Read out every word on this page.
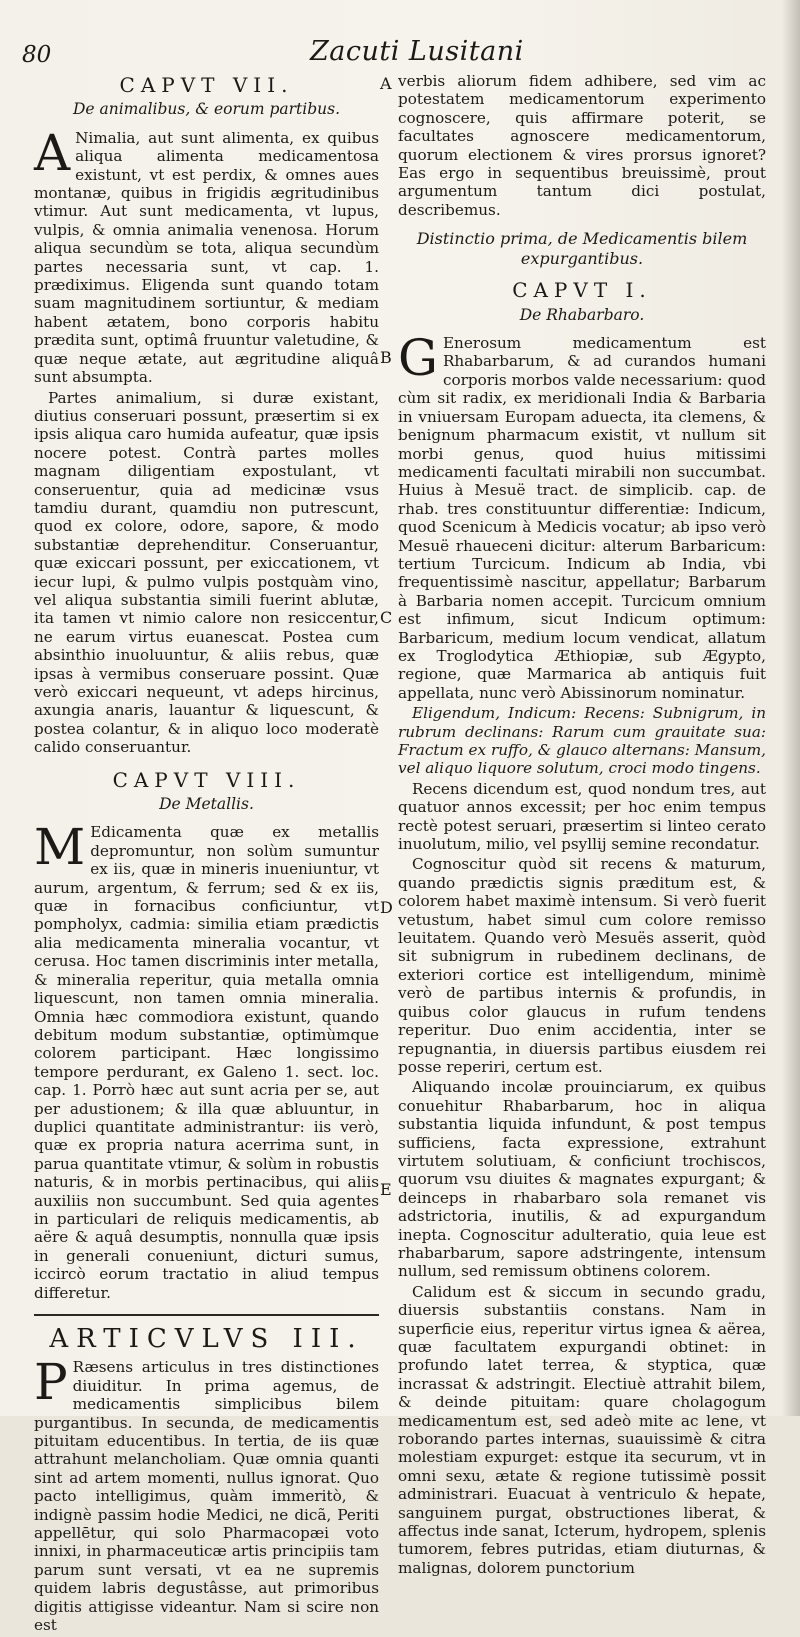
80	Zacuti Lusitani
A
B
C
D
E
CAPVT VII.
De animalibus, & eorum partibus.

A Nimalia, aut sunt alimenta, ex quibus aliqua alimenta medicamentosa existunt, vt est perdix, & omnes aues montanæ, quibus in frigidis ægritudinibus vtimur. Aut sunt medicamenta, vt lupus, vulpis, & omnia animalia venenosa. Horum aliqua secundùm se tota, aliqua secundùm partes necessaria sunt, vt cap. 1. prædiximus. Eligenda sunt quando totam suam magnitudinem sortiuntur, & mediam habent ætatem, bono corporis habitu prædita sunt, optimâ fruuntur valetudine, & quæ neque ætate, aut ægritudine aliquâ sunt absumpta.

Partes animalium, si duræ existant, diutius conseruari possunt, præsertim si ex ipsis aliqua caro humida aufeatur, quæ ipsis nocere potest. Contrà partes molles magnam diligentiam expostulant, vt conseruentur, quia ad medicinæ vsus tamdiu durant, quamdiu non putrescunt, quod ex colore, odore, sapore, & modo substantiæ deprehenditur. Conseruantur, quæ exiccari possunt, per exiccationem, vt iecur lupi, & pulmo vulpis postquàm vino, vel aliqua substantia simili fuerint ablutæ, ita tamen vt nimio calore non resiccentur, ne earum virtus euanescat. Postea cum absinthio inuoluuntur, & aliis rebus, quæ ipsas à vermibus conseruare possint. Quæ verò exiccari nequeunt, vt adeps hircinus, axungia anaris, lauantur & liquescunt, & postea colantur, & in aliquo loco moderatè calido conseruantur.

CAPVT VIII.
De Metallis.

M Edicamenta quæ ex metallis depromuntur, non solùm sumuntur ex iis, quæ in mineris inueniuntur, vt aurum, argentum, & ferrum; sed & ex iis, quæ in fornacibus conficiuntur, vt pompholyx, cadmia: similia etiam prædictis alia medicamenta mineralia vocantur, vt cerusa. Hoc tamen discriminis inter metalla, & mineralia reperitur, quia metalla omnia liquescunt, non tamen omnia mineralia. Omnia hæc commodiora existunt, quando debitum modum substantiæ, optimùmque colorem participant. Hæc longissimo tempore perdurant, ex Galeno 1. sect. loc. cap. 1. Porrò hæc aut sunt acria per se, aut per adustionem; & illa quæ abluuntur, in duplici quantitate administrantur: iis verò, quæ ex propria natura acerrima sunt, in parua quantitate vtimur, & solùm in robustis naturis, & in morbis pertinacibus, qui aliis auxiliis non succumbunt. Sed quia agentes in particulari de reliquis medicamentis, ab aëre & aquâ desumptis, nonnulla quæ ipsis in generali conueniunt, dicturi sumus, iccircò eorum tractatio in aliud tempus differetur.

ARTICVLVS III.

P Ræsens articulus in tres distinctiones diuiditur. In prima agemus, de medicamentis simplicibus bilem purgantibus. In secunda, de medicamentis pituitam educentibus. In tertia, de iis quæ attrahunt melancholiam. Quæ omnia quanti sint ad artem momenti, nullus ignorat. Quo pacto intelligimus, quàm immeritò, & indignè passim hodie Medici, ne dicã, Periti appellētur, qui solo Pharmacopæi voto innixi, in pharmaceuticæ artis principiis tam parum sunt versati, vt ea ne supremis quidem labris degustâsse, aut primoribus digitis attigisse videantur. Nam si scire non est

verbis aliorum fidem adhibere, sed vim ac potestatem medicamentorum experimento cognoscere, quis affirmare poterit, se facultates agnoscere medicamentorum, quorum electionem & vires prorsus ignoret? Eas ergo in sequentibus breuissimè, prout argumentum tantum dici postulat, describemus.

Distinctio prima, de Medicamentis bilem expurgantibus.
CAPVT I.
De Rhabarbaro.

G Enerosum medicamentum est Rhabarbarum, & ad curandos humani corporis morbos valde necessarium: quod cùm sit radix, ex meridionali India & Barbaria in vniuersam Europam aduecta, ita clemens, & benignum pharmacum existit, vt nullum sit morbi genus, quod huius mitissimi medicamenti facultati mirabili non succumbat. Huius à Mesuë tract. de simplicib. cap. de rhab. tres constituuntur differentiæ: Indicum, quod Scenicum à Medicis vocatur; ab ipso verò Mesuë rhaueceni dicitur: alterum Barbaricum: tertium Turcicum. Indicum ab India, vbi frequentissimè nascitur, appellatur; Barbarum à Barbaria nomen accepit. Turcicum omnium est infimum, sicut Indicum optimum: Barbaricum, medium locum vendicat, allatum ex Troglodytica Æthiopiæ, sub Ægypto, regione, quæ Marmarica ab antiquis fuit appellata, nunc verò Abissinorum nominatur.

Eligendum, Indicum: Recens: Subnigrum, in rubrum declinans: Rarum cum grauitate sua: Fractum ex ruffo, & glauco alternans: Mansum, vel aliquo liquore solutum, croci modo tingens.

Recens dicendum est, quod nondum tres, aut quatuor annos excessit; per hoc enim tempus rectè potest seruari, præsertim si linteo cerato inuolutum, milio, vel psyllij semine recondatur.

Cognoscitur quòd sit recens & maturum, quando prædictis signis præditum est, & colorem habet maximè intensum. Si verò fuerit vetustum, habet simul cum colore remisso leuitatem. Quando verò Mesuës asserit, quòd sit subnigrum in rubedinem declinans, de exteriori cortice est intelligendum, minimè verò de partibus internis & profundis, in quibus color glaucus in rufum tendens reperitur. Duo enim accidentia, inter se repugnantia, in diuersis partibus eiusdem rei posse reperiri, certum est.

Aliquando incolæ prouinciarum, ex quibus conuehitur Rhabarbarum, hoc in aliqua substantia liquida infundunt, & post tempus sufficiens, facta expressione, extrahunt virtutem solutiuam, & conficiunt trochiscos, quorum vsu diuites & magnates expurgant; & deinceps in rhabarbaro sola remanet vis adstrictoria, inutilis, & ad expurgandum inepta. Cognoscitur adulteratio, quia leue est rhabarbarum, sapore adstringente, intensum nullum, sed remissum obtinens colorem.

Calidum est & siccum in secundo gradu, diuersis substantiis constans. Nam in superficie eius, reperitur virtus ignea & aërea, quæ facultatem expurgandi obtinet: in profundo latet terrea, & styptica, quæ incrassat & adstringit. Electiuè attrahit bilem, & deinde pituitam: quare cholagogum medicamentum est, sed adeò mite ac lene, vt roborando partes internas, suauissimè & citra molestiam expurget: estque ita securum, vt in omni sexu, ætate & regione tutissimè possit administrari. Euacuat à ventriculo & hepate, sanguinem purgat, obstructiones liberat, & affectus inde sanat, Icterum, hydropem, splenis tumorem, febres putridas, etiam diuturnas, & malignas, dolorem punctorium
